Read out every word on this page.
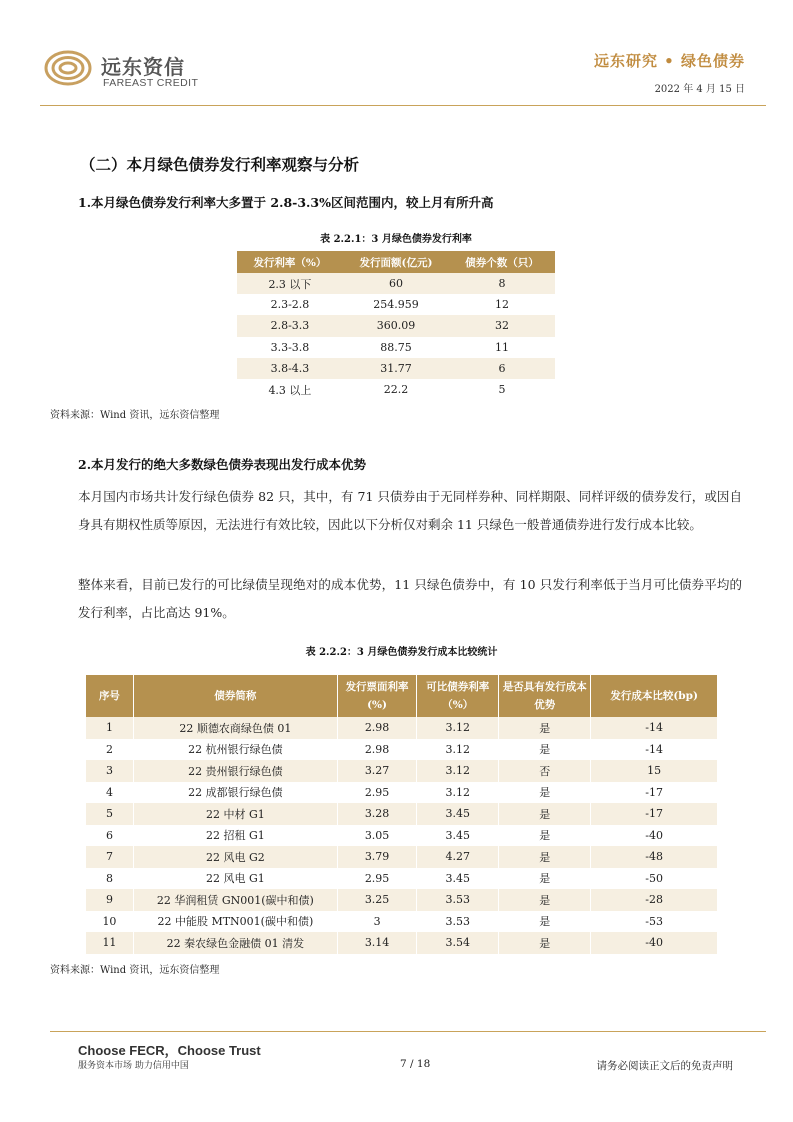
远东资信
FAREAST CREDIT
远东研究 • 绿色债券
2022 年 4 月 15 日
（二）本月绿色债券发行利率观察与分析
1.本月绿色债券发行利率大多置于 2.8-3.3%区间范围内，较上月有所升高
表 2.2.1：3 月绿色债券发行利率
发行利率（%）	发行面额(亿元)	债券个数（只）
2.3 以下	60	8
2.3-2.8	254.959	12
2.8-3.3	360.09	32
3.3-3.8	88.75	11
3.8-4.3	31.77	6
4.3 以上	22.2	5
资料来源：Wind 资讯，远东资信整理
2.本月发行的绝大多数绿色债券表现出发行成本优势
本月国内市场共计发行绿色债券 82 只，其中，有 71 只债券由于无同样券种、同样期限、同样评级的债券发行，或因自身具有期权性质等原因，无法进行有效比较，因此以下分析仅对剩余 11 只绿色一般普通债券进行发行成本比较。
整体来看，目前已发行的可比绿债呈现绝对的成本优势，11 只绿色债券中，有 10 只发行利率低于当月可比债券平均的发行利率，占比高达 91%。
表 2.2.2：3 月绿色债券发行成本比较统计
序号	债券简称	发行票面利率(%)	可比债券利率（%）	是否具有发行成本优势	发行成本比较(bp)
1	22 顺德农商绿色债 01	2.98	3.12	是	-14
2	22 杭州银行绿色债	2.98	3.12	是	-14
3	22 贵州银行绿色债	3.27	3.12	否	15
4	22 成都银行绿色债	2.95	3.12	是	-17
5	22 中材 G1	3.28	3.45	是	-17
6	22 招租 G1	3.05	3.45	是	-40
7	22 风电 G2	3.79	4.27	是	-48
8	22 风电 G1	2.95	3.45	是	-50
9	22 华润租赁 GN001(碳中和债)	3.25	3.53	是	-28
10	22 中能股 MTN001(碳中和债)	3	3.53	是	-53
11	22 秦农绿色金融债 01 清发	3.14	3.54	是	-40
资料来源：Wind 资讯，远东资信整理
Choose FECR，Choose Trust
服务资本市场 助力信用中国	7 / 18	请务必阅读正文后的免责声明
